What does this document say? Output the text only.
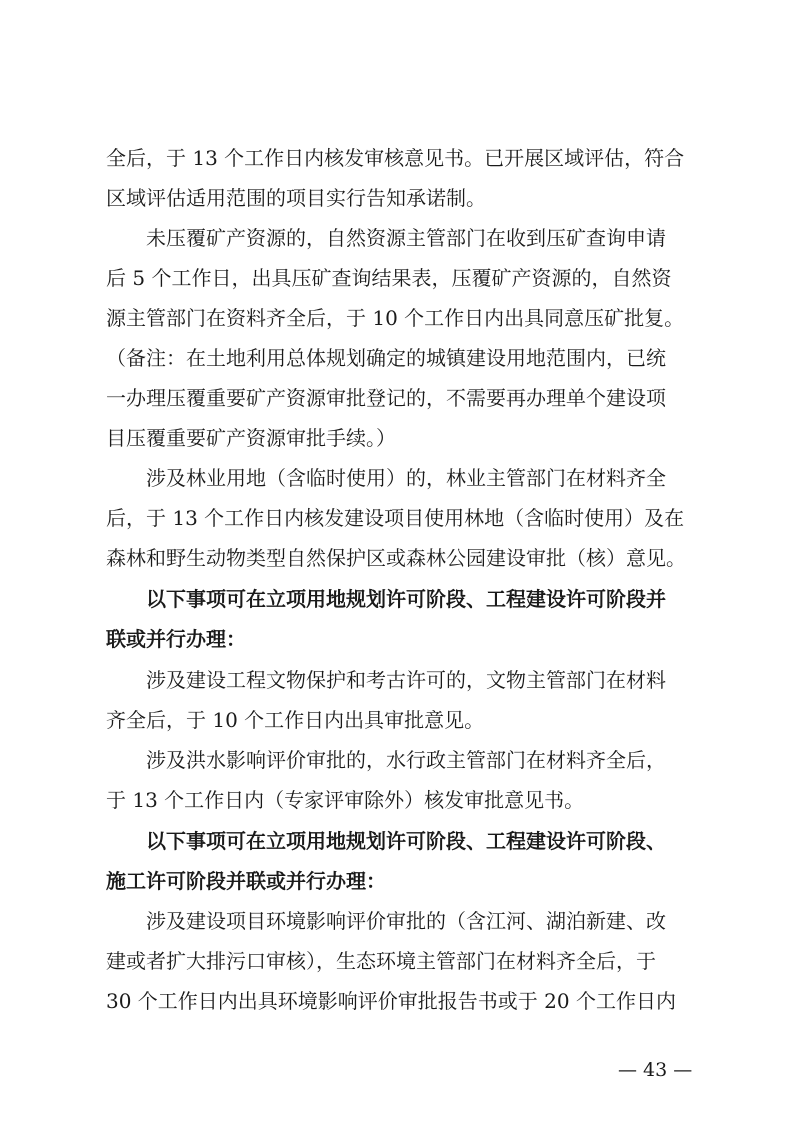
全后，于 13 个工作日内核发审核意见书。已开展区域评估，符合
区域评估适用范围的项目实行告知承诺制。
未压覆矿产资源的，自然资源主管部门在收到压矿查询申请
后 5 个工作日，出具压矿查询结果表，压覆矿产资源的，自然资
源主管部门在资料齐全后，于 10 个工作日内出具同意压矿批复。
（备注：在土地利用总体规划确定的城镇建设用地范围内，已统
一办理压覆重要矿产资源审批登记的，不需要再办理单个建设项
目压覆重要矿产资源审批手续。）
涉及林业用地（含临时使用）的，林业主管部门在材料齐全
后，于 13 个工作日内核发建设项目使用林地（含临时使用）及在
森林和野生动物类型自然保护区或森林公园建设审批（核）意见。
以下事项可在立项用地规划许可阶段、工程建设许可阶段并
联或并行办理：
涉及建设工程文物保护和考古许可的，文物主管部门在材料
齐全后，于 10 个工作日内出具审批意见。
涉及洪水影响评价审批的，水行政主管部门在材料齐全后，
于 13 个工作日内（专家评审除外）核发审批意见书。
以下事项可在立项用地规划许可阶段、工程建设许可阶段、
施工许可阶段并联或并行办理：
涉及建设项目环境影响评价审批的（含江河、湖泊新建、改
建或者扩大排污口审核），生态环境主管部门在材料齐全后，于
30 个工作日内出具环境影响评价审批报告书或于 20 个工作日内
— 43 —
